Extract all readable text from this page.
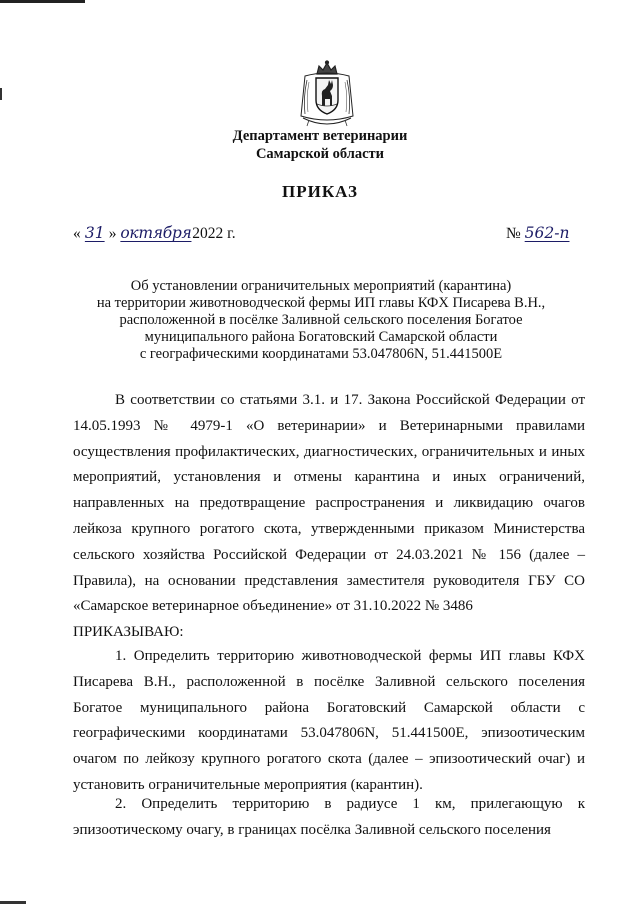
Департамент ветеринарии
Самарской области
ПРИКАЗ
« 31 » октября 2022 г.	№ 562-п
Об установлении ограничительных мероприятий (карантина)
на территории животноводческой фермы ИП главы КФХ Писарева В.Н.,
расположенной в посёлке Заливной сельского поселения Богатое
муниципального района Богатовский Самарской области
с географическими координатами 53.047806N, 51.441500E

В соответствии со статьями 3.1. и 17. Закона Российской Федерации от 14.05.1993 № 4979-1 «О ветеринарии» и Ветеринарными правилами осуществления профилактических, диагностических, ограничительных и иных мероприятий, установления и отмены карантина и иных ограничений, направленных на предотвращение распространения и ликвидацию очагов лейкоза крупного рогатого скота, утвержденными приказом Министерства сельского хозяйства Российской Федерации от 24.03.2021 № 156 (далее – Правила), на основании представления заместителя руководителя ГБУ СО «Самарское ветеринарное объединение» от 31.10.2022 № 3486

ПРИКАЗЫВАЮ:

1. Определить территорию животноводческой фермы ИП главы КФХ Писарева В.Н., расположенной в посёлке Заливной сельского поселения Богатое муниципального района Богатовский Самарской области с географическими координатами 53.047806N, 51.441500E, эпизоотическим очагом по лейкозу крупного рогатого скота (далее – эпизоотический очаг) и установить ограничительные мероприятия (карантин).

2. Определить территорию в радиусе 1 км, прилегающую к эпизоотическому очагу, в границах посёлка Заливной сельского поселения
